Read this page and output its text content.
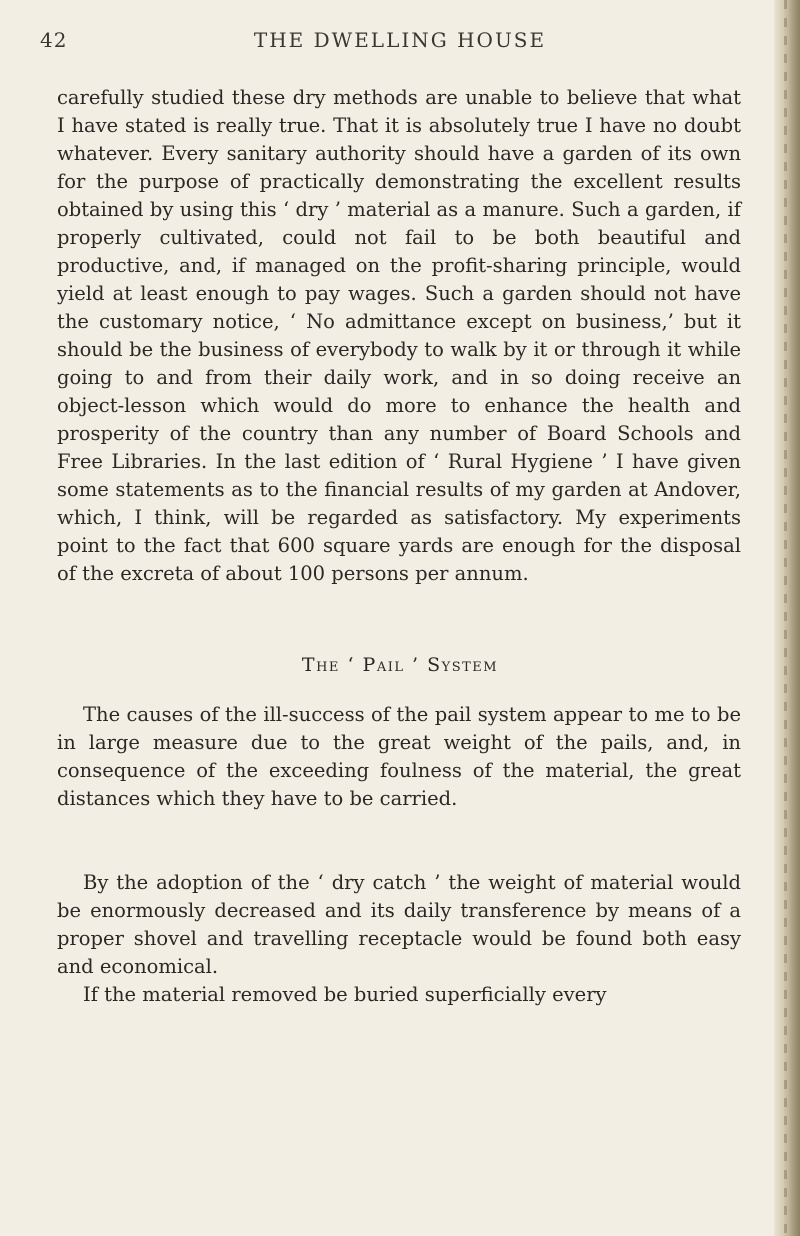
42	THE DWELLING HOUSE

carefully studied these dry methods are unable to believe that what I have stated is really true. That it is absolutely true I have no doubt whatever. Every sanitary authority should have a garden of its own for the purpose of practically demonstrating the excellent results obtained by using this ‘ dry ’ material as a manure. Such a garden, if properly cultivated, could not fail to be both beautiful and productive, and, if managed on the profit-sharing principle, would yield at least enough to pay wages. Such a garden should not have the customary notice, ‘ No admittance except on business,’ but it should be the business of everybody to walk by it or through it while going to and from their daily work, and in so doing receive an object-lesson which would do more to enhance the health and prosperity of the country than any number of Board Schools and Free Libraries. In the last edition of ‘ Rural Hygiene ’ I have given some statements as to the financial results of my garden at Andover, which, I think, will be regarded as satisfactory. My experiments point to the fact that 600 square yards are enough for the disposal of the excreta of about 100 persons per annum.

The ‘ Pail ’ System

The causes of the ill-success of the pail system appear to me to be in large measure due to the great weight of the pails, and, in consequence of the exceeding foulness of the material, the great distances which they have to be carried.

By the adoption of the ‘ dry catch ’ the weight of material would be enormously decreased and its daily transference by means of a proper shovel and travelling receptacle would be found both easy and economical.

If the material removed be buried superficially every
